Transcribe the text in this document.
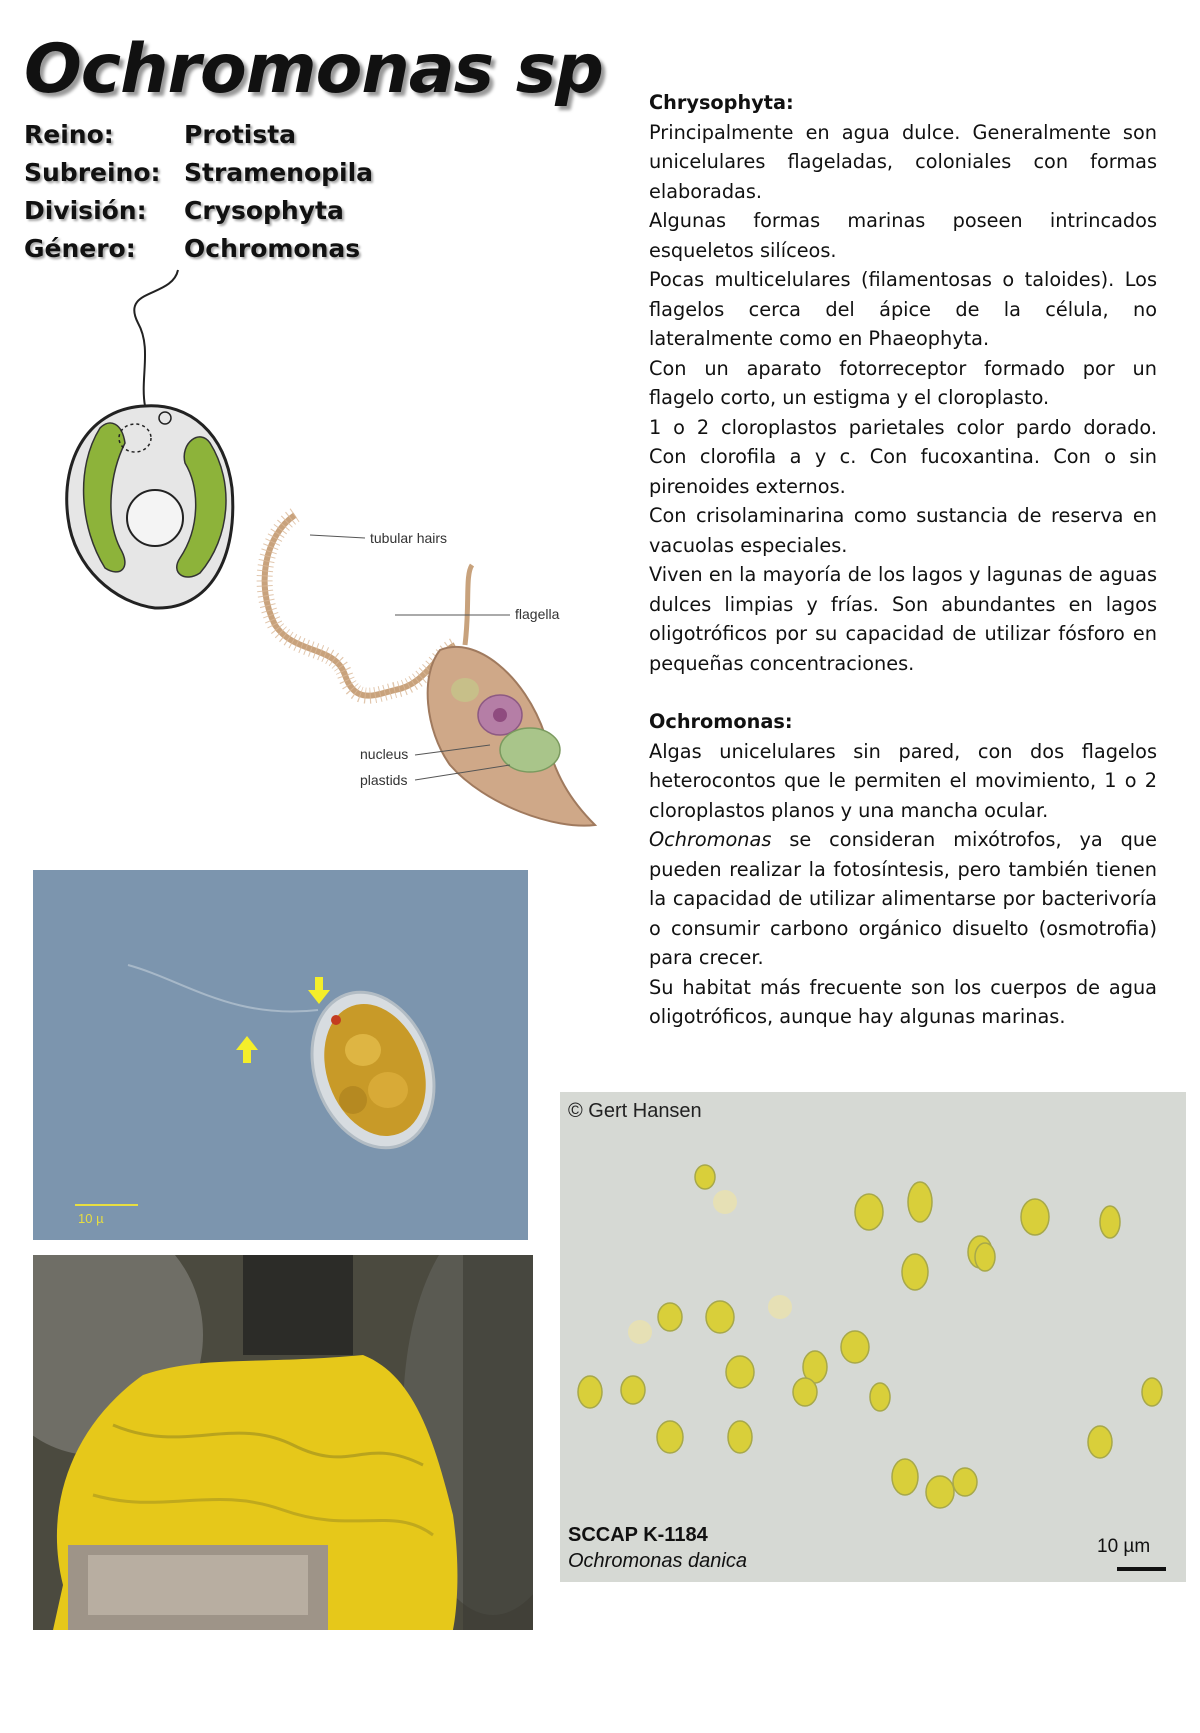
Ochromonas sp
Reino:	Protista
Subreino: Stramenopila
División:	Crysophyta
Género:	Ochromonas
Chrysophyta:

Principalmente en agua dulce. Generalmente son unicelulares flageladas, coloniales con formas elaboradas.

Algunas formas marinas poseen intrincados esqueletos silíceos.

Pocas multicelulares (filamentosas o taloides). Los flagelos cerca del ápice de la célula, no lateralmente como en Phaeophyta.

Con un aparato fotorreceptor formado por un flagelo corto, un estigma y el cloroplasto.

1 o 2 cloroplastos parietales color pardo dorado. Con clorofila a y c. Con fucoxantina. Con o sin pirenoides externos.

Con crisolaminarina como sustancia de reserva en vacuolas especiales.

Viven en la mayoría de los lagos y lagunas de aguas dulces limpias y frías. Son abundantes en lagos oligotróficos por su capacidad de utilizar fósforo en pequeñas concentraciones.

Ochromonas:

Algas unicelulares sin pared, con dos flagelos heterocontos que le permiten el movimiento, 1 o 2 cloroplastos planos y una mancha ocular.

Ochromonas se consideran mixótrofos, ya que pueden realizar la fotosíntesis, pero también tienen la capacidad de utilizar alimentarse por bacterivoría o consumir carbono orgánico disuelto (osmotrofia) para crecer.

Su habitat más frecuente son los cuerpos de agua oligotróficos, aunque hay algunas marinas.

tubular hairs
flagella
nucleus
plastids
10 µ
© Gert Hansen
SCCAP K-1184
Ochromonas danica
10 µm
